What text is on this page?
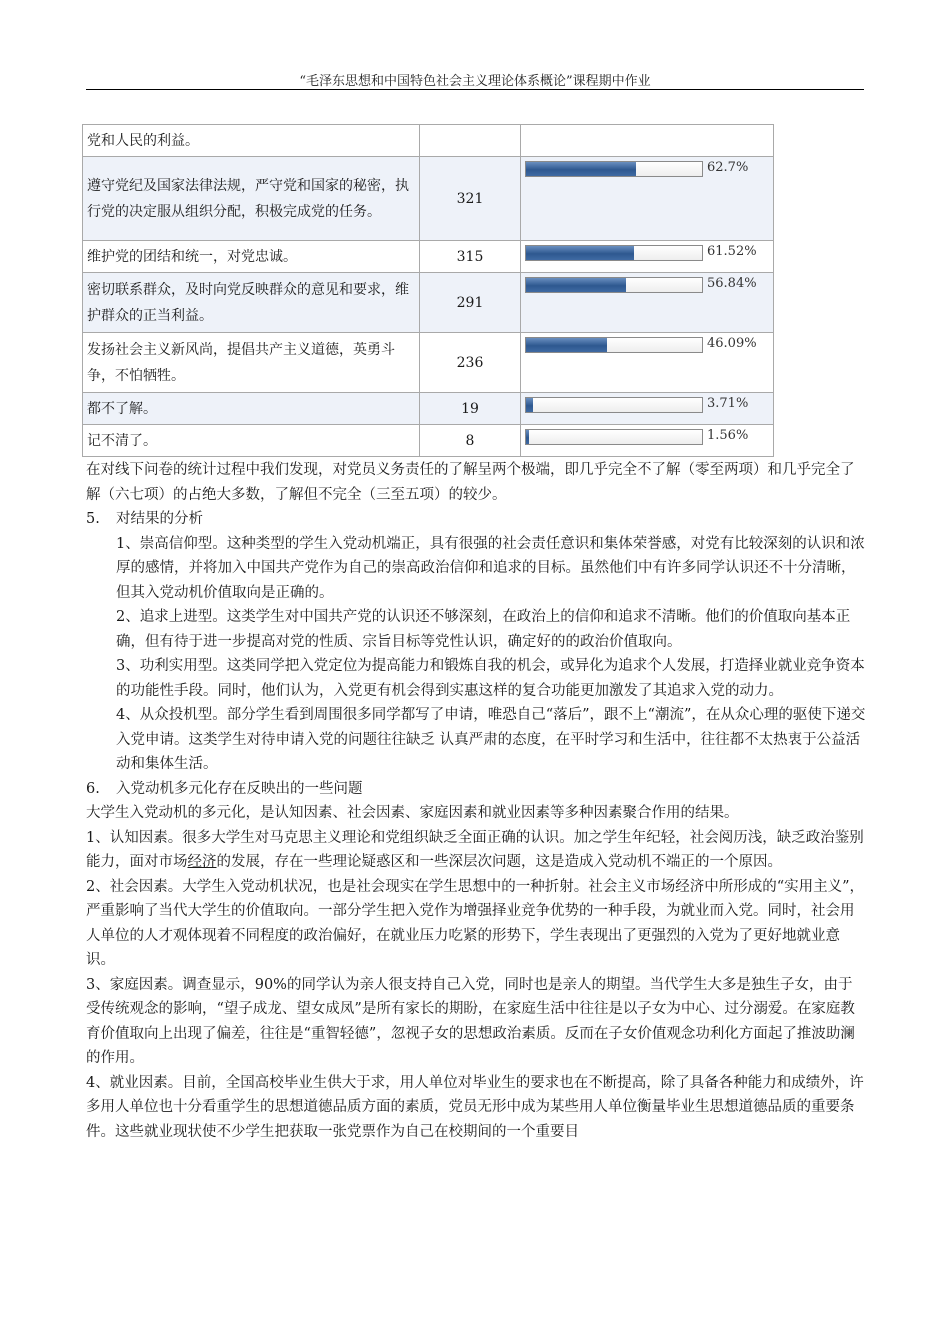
“毛泽东思想和中国特色社会主义理论体系概论”课程期中作业
党和人民的利益。		
遵守党纪及国家法律法规，严守党和国家的秘密，执行党的决定服从组织分配，积极完成党的任务。	321	62.7%

维护党的团结和统一，对党忠诚。	315	61.52%

密切联系群众，及时向党反映群众的意见和要求，维护群众的正当利益。	291	56.84%

发扬社会主义新风尚，提倡共产主义道德，英勇斗争，不怕牺牲。	236	46.09%

都不了解。	19	3.71%

记不清了。	8	1.56%

在对线下问卷的统计过程中我们发现，对党员义务责任的了解呈两个极端，即几乎完全不了解（零至两项）和几乎完全了解（六七项）的占绝大多数，了解但不完全（三至五项）的较少。

5. 对结果的分析

1、崇高信仰型。这种类型的学生入党动机端正，具有很强的社会责任意识和集体荣誉感，对党有比较深刻的认识和浓厚的感情，并将加入中国共产党作为自己的崇高政治信仰和追求的目标。虽然他们中有许多同学认识还不十分清晰，但其入党动机价值取向是正确的。

2、追求上进型。这类学生对中国共产党的认识还不够深刻，在政治上的信仰和追求不清晰。他们的价值取向基本正确，但有待于进一步提高对党的性质、宗旨目标等党性认识，确定好的的政治价值取向。

3、功利实用型。这类同学把入党定位为提高能力和锻炼自我的机会，或异化为追求个人发展，打造择业就业竞争资本的功能性手段。同时，他们认为，入党更有机会得到实惠这样的复合功能更加激发了其追求入党的动力。

4、从众投机型。部分学生看到周围很多同学都写了申请，唯恐自己“落后”，跟不上“潮流”，在从众心理的驱使下递交入党申请。这类学生对待申请入党的问题往往缺乏 认真严肃的态度，在平时学习和生活中，往往都不太热衷于公益活动和集体生活。

6. 入党动机多元化存在反映出的一些问题

大学生入党动机的多元化，是认知因素、社会因素、家庭因素和就业因素等多种因素聚合作用的结果。

1、认知因素。很多大学生对马克思主义理论和党组织缺乏全面正确的认识。加之学生年纪轻，社会阅历浅，缺乏政治鉴别能力，面对市场经济的发展，存在一些理论疑惑区和一些深层次问题，这是造成入党动机不端正的一个原因。

2、社会因素。大学生入党动机状况，也是社会现实在学生思想中的一种折射。社会主义市场经济中所形成的“实用主义”，严重影响了当代大学生的价值取向。一部分学生把入党作为增强择业竞争优势的一种手段，为就业而入党。同时，社会用人单位的人才观体现着不同程度的政治偏好，在就业压力吃紧的形势下，学生表现出了更强烈的入党为了更好地就业意识。

3、家庭因素。调查显示，90%的同学认为亲人很支持自己入党，同时也是亲人的期望。当代学生大多是独生子女，由于受传统观念的影响，“望子成龙、望女成凤”是所有家长的期盼，在家庭生活中往往是以子女为中心、过分溺爱。在家庭教育价值取向上出现了偏差，往往是“重智轻德”，忽视子女的思想政治素质。反而在子女价值观念功利化方面起了推波助澜的作用。

4、就业因素。目前，全国高校毕业生供大于求，用人单位对毕业生的要求也在不断提高，除了具备各种能力和成绩外，许多用人单位也十分看重学生的思想道德品质方面的素质，党员无形中成为某些用人单位衡量毕业生思想道德品质的重要条件。这些就业现状使不少学生把获取一张党票作为自己在校期间的一个重要目
